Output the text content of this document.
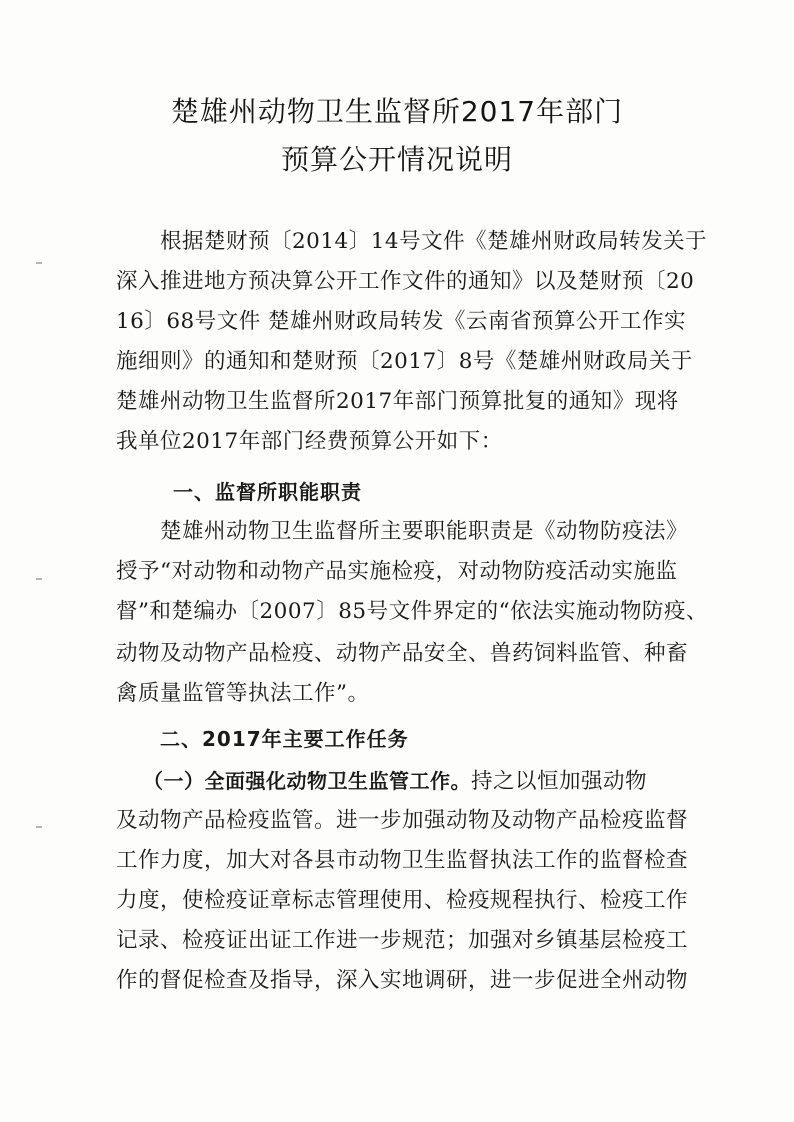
楚雄州动物卫生监督所2017年部门
预算公开情况说明
根据楚财预〔2014〕14号文件《楚雄州财政局转发关于
深入推进地方预决算公开工作文件的通知》以及楚财预〔20
16〕68号文件 楚雄州财政局转发《云南省预算公开工作实
施细则》的通知和楚财预〔2017〕8号《楚雄州财政局关于
楚雄州动物卫生监督所2017年部门预算批复的通知》现将
我单位2017年部门经费预算公开如下：
一、监督所职能职责
楚雄州动物卫生监督所主要职能职责是《动物防疫法》
授予“对动物和动物产品实施检疫，对动物防疫活动实施监
督”和楚编办〔2007〕85号文件界定的“依法实施动物防疫、
动物及动物产品检疫、动物产品安全、兽药饲料监管、种畜
禽质量监管等执法工作”。
二、2017年主要工作任务
（一）全面强化动物卫生监管工作。持之以恒加强动物
及动物产品检疫监管。进一步加强动物及动物产品检疫监督
工作力度，加大对各县市动物卫生监督执法工作的监督检查
力度，使检疫证章标志管理使用、检疫规程执行、检疫工作
记录、检疫证出证工作进一步规范；加强对乡镇基层检疫工
作的督促检查及指导，深入实地调研，进一步促进全州动物
